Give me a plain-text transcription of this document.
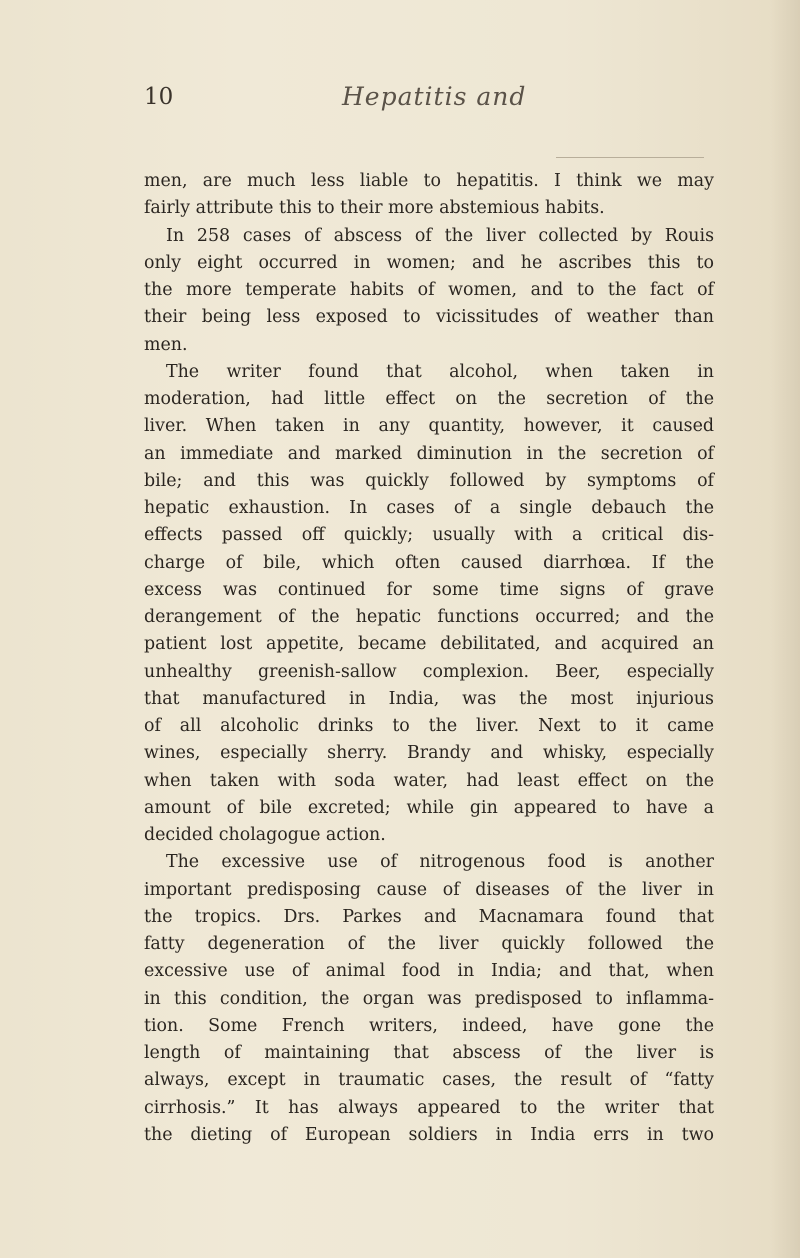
10	Hepatitis and
men, are much less liable to hepatitis. I think we may
fairly attribute this to their more abstemious habits.
In 258 cases of abscess of the liver collected by Rouis
only eight occurred in women; and he ascribes this to
the more temperate habits of women, and to the fact of
their being less exposed to vicissitudes of weather than
men.
The writer found that alcohol, when taken in
moderation, had little effect on the secretion of the
liver. When taken in any quantity, however, it caused
an immediate and marked diminution in the secretion of
bile; and this was quickly followed by symptoms of
hepatic exhaustion. In cases of a single debauch the
effects passed off quickly; usually with a critical dis-
charge of bile, which often caused diarrhœa. If the
excess was continued for some time signs of grave
derangement of the hepatic functions occurred; and the
patient lost appetite, became debilitated, and acquired an
unhealthy greenish-sallow complexion. Beer, especially
that manufactured in India, was the most injurious
of all alcoholic drinks to the liver. Next to it came
wines, especially sherry. Brandy and whisky, especially
when taken with soda water, had least effect on the
amount of bile excreted; while gin appeared to have a
decided cholagogue action.
The excessive use of nitrogenous food is another
important predisposing cause of diseases of the liver in
the tropics. Drs. Parkes and Macnamara found that
fatty degeneration of the liver quickly followed the
excessive use of animal food in India; and that, when
in this condition, the organ was predisposed to inflamma-
tion. Some French writers, indeed, have gone the
length of maintaining that abscess of the liver is
always, except in traumatic cases, the result of “fatty
cirrhosis.” It has always appeared to the writer that
the dieting of European soldiers in India errs in two
